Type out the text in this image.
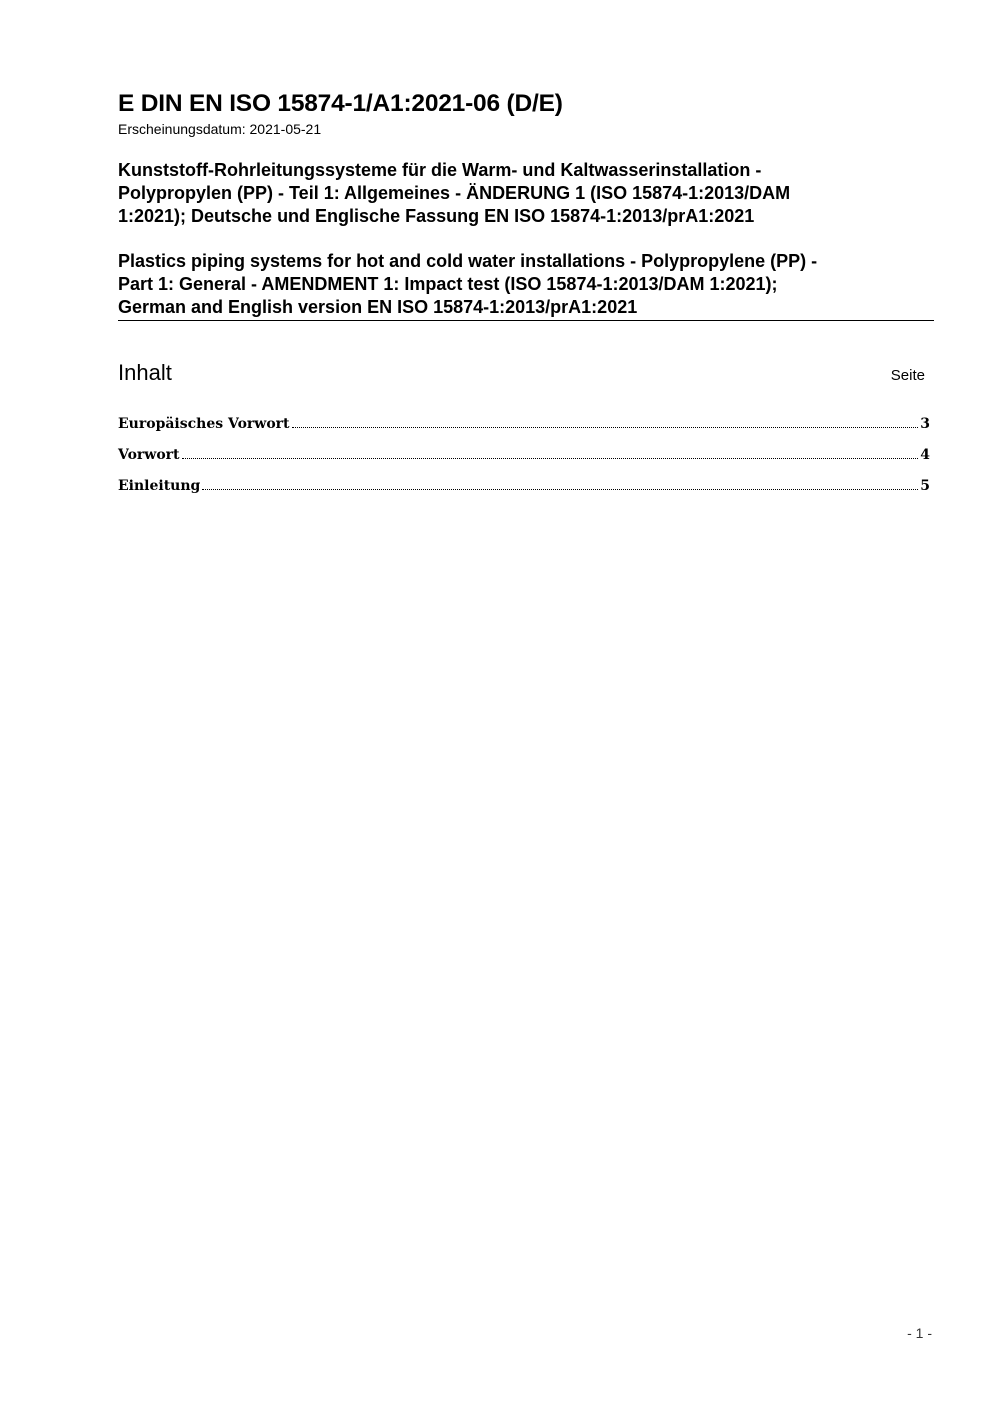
E DIN EN ISO 15874-1/A1:2021-06 (D/E)
Erscheinungsdatum: 2021-05-21
Kunststoff-Rohrleitungssysteme für die Warm- und Kaltwasserinstallation -
Polypropylen (PP) - Teil 1: Allgemeines - ÄNDERUNG 1 (ISO 15874-1:2013/DAM
1:2021); Deutsche und Englische Fassung EN ISO 15874-1:2013/prA1:2021
Plastics piping systems for hot and cold water installations - Polypropylene (PP) -
Part 1: General - AMENDMENT 1: Impact test (ISO 15874-1:2013/DAM 1:2021);
German and English version EN ISO 15874-1:2013/prA1:2021
Inhalt	Seite
Europäisches Vorwort	3
Vorwort	4
Einleitung	5
- 1 -
